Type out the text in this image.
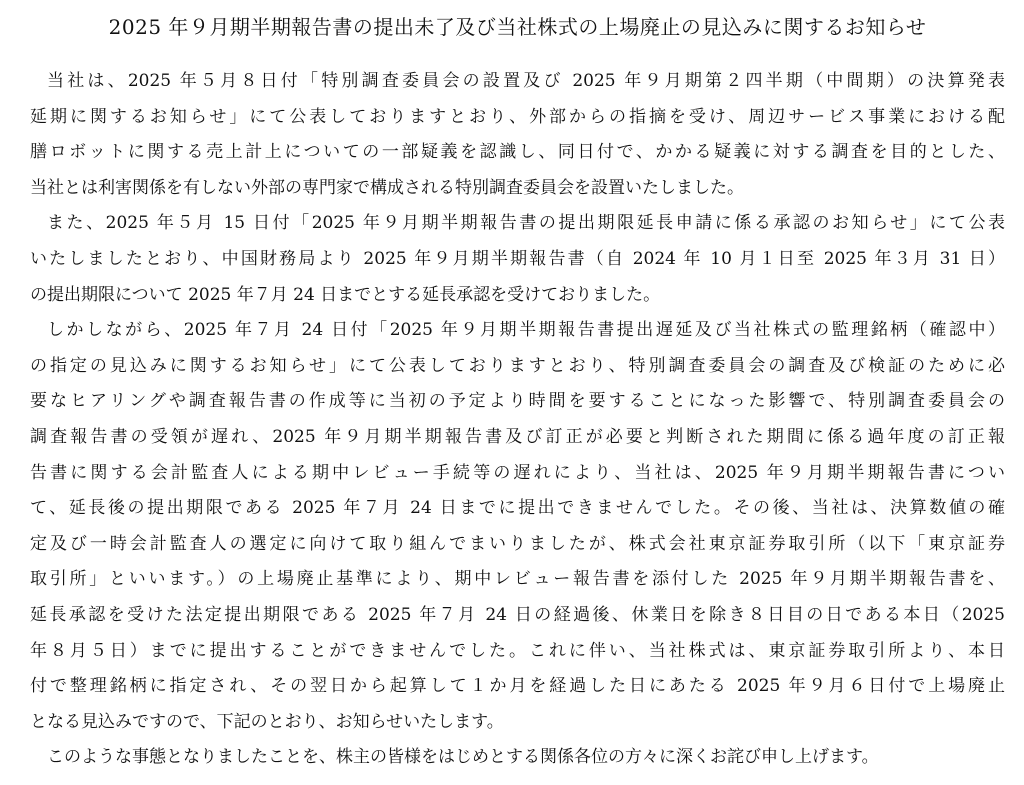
2025 年９月期半期報告書の提出未了及び当社株式の上場廃止の見込みに関するお知らせ
当社は、2025 年５月８日付「特別調査委員会の設置及び 2025 年９月期第２四半期（中間期）の決算発表
延期に関するお知らせ」にて公表しておりますとおり、外部からの指摘を受け、周辺サービス事業における配
膳ロボットに関する売上計上についての一部疑義を認識し、同日付で、かかる疑義に対する調査を目的とした、
当社とは利害関係を有しない外部の専門家で構成される特別調査委員会を設置いたしました。
また、2025 年５月 15 日付「2025 年９月期半期報告書の提出期限延長申請に係る承認のお知らせ」にて公表
いたしましたとおり、中国財務局より 2025 年９月期半期報告書（自 2024 年 10 月１日至 2025 年３月 31 日）
の提出期限について 2025 年７月 24 日までとする延長承認を受けておりました。
しかしながら、2025 年７月 24 日付「2025 年９月期半期報告書提出遅延及び当社株式の監理銘柄（確認中）
の指定の見込みに関するお知らせ」にて公表しておりますとおり、特別調査委員会の調査及び検証のために必
要なヒアリングや調査報告書の作成等に当初の予定より時間を要することになった影響で、特別調査委員会の
調査報告書の受領が遅れ、2025 年９月期半期報告書及び訂正が必要と判断された期間に係る過年度の訂正報
告書に関する会計監査人による期中レビュー手続等の遅れにより、当社は、2025 年９月期半期報告書につい
て、延長後の提出期限である 2025 年７月 24 日までに提出できませんでした。その後、当社は、決算数値の確
定及び一時会計監査人の選定に向けて取り組んでまいりましたが、株式会社東京証券取引所（以下「東京証券
取引所」といいます。）の上場廃止基準により、期中レビュー報告書を添付した 2025 年９月期半期報告書を、
延長承認を受けた法定提出期限である 2025 年７月 24 日の経過後、休業日を除き８日目の日である本日（2025
年８月５日）までに提出することができませんでした。これに伴い、当社株式は、東京証券取引所より、本日
付で整理銘柄に指定され、その翌日から起算して１か月を経過した日にあたる 2025 年９月６日付で上場廃止
となる見込みですので、下記のとおり、お知らせいたします。
このような事態となりましたことを、株主の皆様をはじめとする関係各位の方々に深くお詫び申し上げます。
